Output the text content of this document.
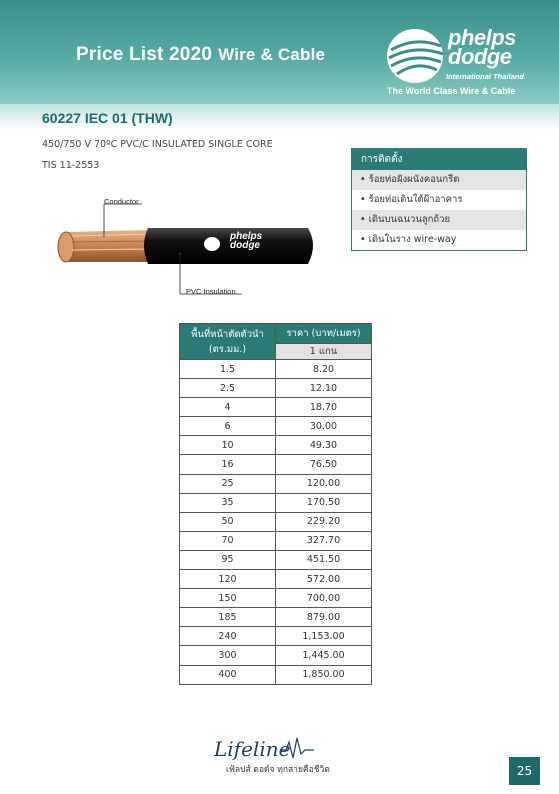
Price List 2020 Wire & Cable
phelps
dodge
International Thailand
The World Class Wire & Cable
60227 IEC 01 (THW)
450/750 V 70ºC PVC/C INSULATED SINGLE CORE
TIS 11-2553
การติดตั้ง
• ร้อยท่อฝังผนังคอนกรีต
• ร้อยท่อเดินใต้ฝ้าอาคาร
• เดินบนฉนวนลูกถ้วย
• เดินในราง wire-way
Conductor
PVC Insulation
phelps
dodge
พื้นที่หน้าตัดตัวนำ
(ตร.มม.)	ราคา (บาท/เมตร)
	1 แกน
1.5	8.20
2.5	12.10
4	18.70
6	30.00
10	49.30
16	76.50
25	120.00
35	170.50
50	229.20
70	327.70
95	451.50
120	572.00
150	700.00
185	879.00
240	1,153.00
300	1,445.00
400	1,850.00
Lifeline
เฟ้ลปส์ ดอด์จ ทุกสายคือชีวิต	25
